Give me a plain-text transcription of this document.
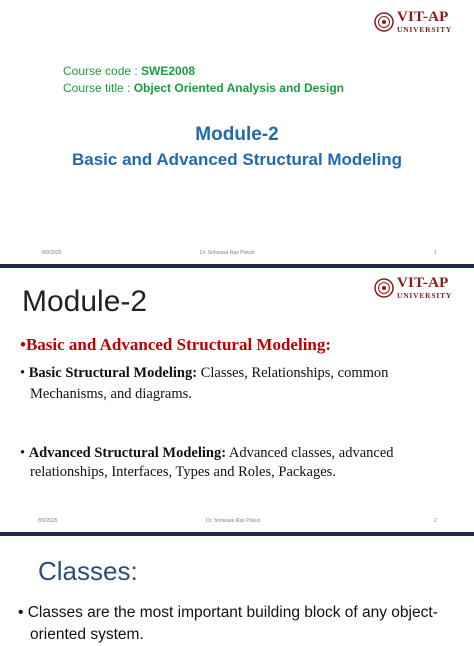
VIT-AP
UNIVERSITY
Course code : SWE2008
Course title : Object Oriented Analysis and Design
Module-2
Basic and Advanced Structural Modeling
8/9/2025	Dr. Srinivasa Rao Pokuri	1
VIT-AP
UNIVERSITY
Module-2
•Basic and Advanced Structural Modeling:
• Basic Structural Modeling: Classes, Relationships, common
Mechanisms, and diagrams.
• Advanced Structural Modeling: Advanced classes, advanced
relationships, Interfaces, Types and Roles, Packages.
8/9/2025	Dr. Srinivasa Rao Pokuri	2
Classes:
• Classes are the most important building block of any object-
oriented system.
